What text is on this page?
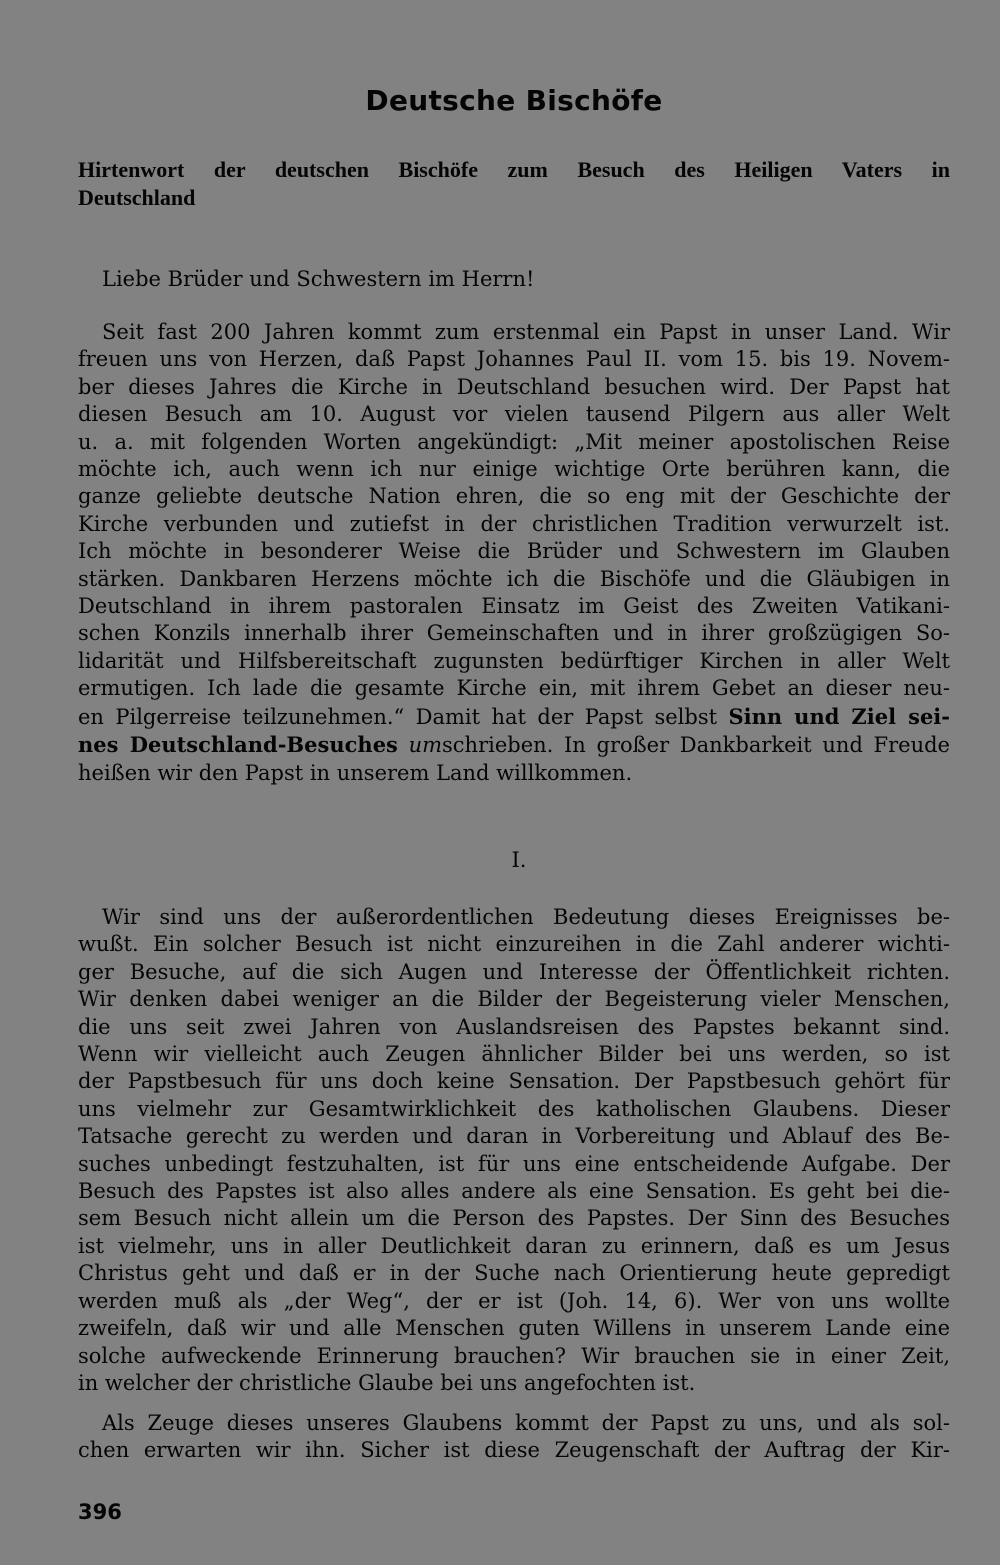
Deutsche Bischöfe
Hirtenwort der deutschen Bischöfe zum Besuch des Heiligen Vaters in
Deutschland
Liebe Brüder und Schwestern im Herrn!
Seit fast 200 Jahren kommt zum erstenmal ein Papst in unser Land. Wir
freuen uns von Herzen, daß Papst Johannes Paul II. vom 15. bis 19. Novem-
ber dieses Jahres die Kirche in Deutschland besuchen wird. Der Papst hat
diesen Besuch am 10. August vor vielen tausend Pilgern aus aller Welt
u. a. mit folgenden Worten angekündigt: „Mit meiner apostolischen Reise
möchte ich, auch wenn ich nur einige wichtige Orte berühren kann, die
ganze geliebte deutsche Nation ehren, die so eng mit der Geschichte der
Kirche verbunden und zutiefst in der christlichen Tradition verwurzelt ist.
Ich möchte in besonderer Weise die Brüder und Schwestern im Glauben
stärken. Dankbaren Herzens möchte ich die Bischöfe und die Gläubigen in
Deutschland in ihrem pastoralen Einsatz im Geist des Zweiten Vatikani-
schen Konzils innerhalb ihrer Gemeinschaften und in ihrer großzügigen So-
lidarität und Hilfsbereitschaft zugunsten bedürftiger Kirchen in aller Welt
ermutigen. Ich lade die gesamte Kirche ein, mit ihrem Gebet an dieser neu-
en Pilgerreise teilzunehmen.“ Damit hat der Papst selbst Sinn und Ziel sei-
nes Deutschland-Besuches umschrieben. In großer Dankbarkeit und Freude
heißen wir den Papst in unserem Land willkommen.
I.
Wir sind uns der außerordentlichen Bedeutung dieses Ereignisses be-
wußt. Ein solcher Besuch ist nicht einzureihen in die Zahl anderer wichti-
ger Besuche, auf die sich Augen und Interesse der Öffentlichkeit richten.
Wir denken dabei weniger an die Bilder der Begeisterung vieler Menschen,
die uns seit zwei Jahren von Auslandsreisen des Papstes bekannt sind.
Wenn wir vielleicht auch Zeugen ähnlicher Bilder bei uns werden, so ist
der Papstbesuch für uns doch keine Sensation. Der Papstbesuch gehört für
uns vielmehr zur Gesamtwirklichkeit des katholischen Glaubens. Dieser
Tatsache gerecht zu werden und daran in Vorbereitung und Ablauf des Be-
suches unbedingt festzuhalten, ist für uns eine entscheidende Aufgabe. Der
Besuch des Papstes ist also alles andere als eine Sensation. Es geht bei die-
sem Besuch nicht allein um die Person des Papstes. Der Sinn des Besuches
ist vielmehr, uns in aller Deutlichkeit daran zu erinnern, daß es um Jesus
Christus geht und daß er in der Suche nach Orientierung heute gepredigt
werden muß als „der Weg“, der er ist (Joh. 14, 6). Wer von uns wollte
zweifeln, daß wir und alle Menschen guten Willens in unserem Lande eine
solche aufweckende Erinnerung brauchen? Wir brauchen sie in einer Zeit,
in welcher der christliche Glaube bei uns angefochten ist.
Als Zeuge dieses unseres Glaubens kommt der Papst zu uns, und als sol-
chen erwarten wir ihn. Sicher ist diese Zeugenschaft der Auftrag der Kir-
396
